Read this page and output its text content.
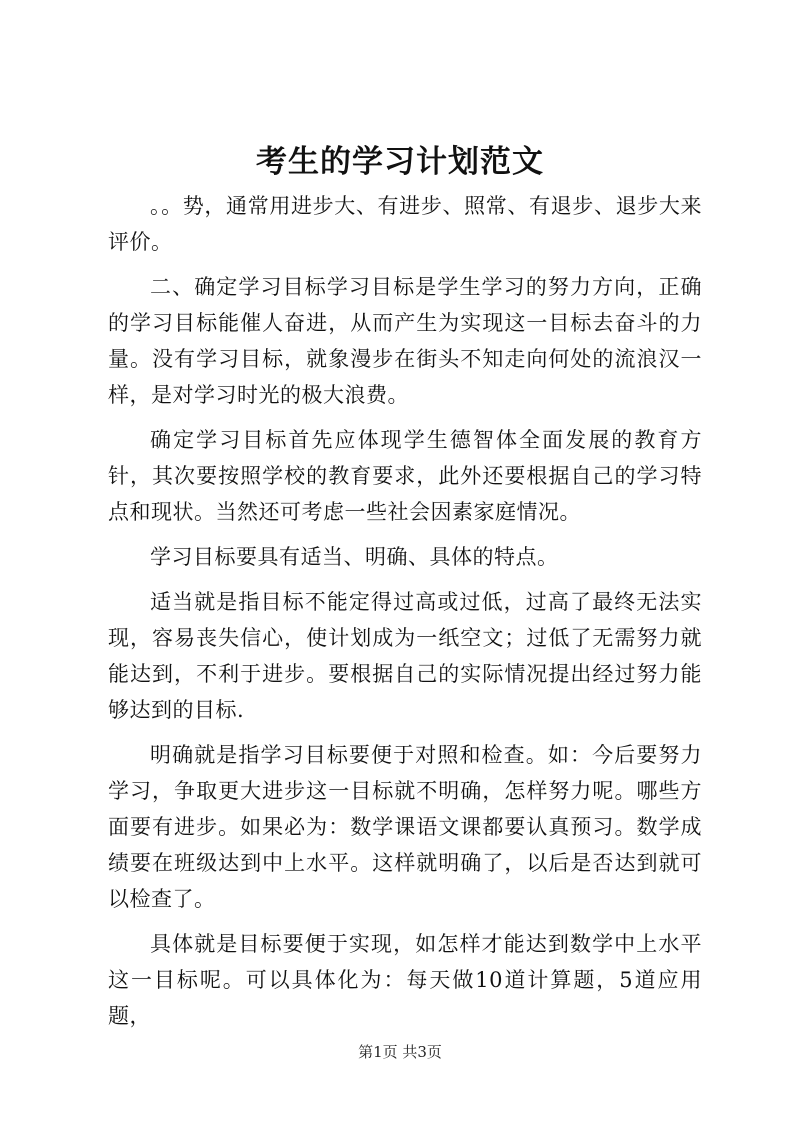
考生的学习计划范文

。。势，通常用进步大、有进步、照常、有退步、退步大来评价。

二、确定学习目标学习目标是学生学习的努力方向，正确的学习目标能催人奋进，从而产生为实现这一目标去奋斗的力量。没有学习目标，就象漫步在街头不知走向何处的流浪汉一样，是对学习时光的极大浪费。

确定学习目标首先应体现学生德智体全面发展的教育方针，其次要按照学校的教育要求，此外还要根据自己的学习特点和现状。当然还可考虑一些社会因素家庭情况。

学习目标要具有适当、明确、具体的特点。

适当就是指目标不能定得过高或过低，过高了最终无法实现，容易丧失信心，使计划成为一纸空文；过低了无需努力就能达到，不利于进步。要根据自己的实际情况提出经过努力能够达到的目标.

明确就是指学习目标要便于对照和检查。如：今后要努力学习，争取更大进步这一目标就不明确，怎样努力呢。哪些方面要有进步。如果必为：数学课语文课都要认真预习。数学成绩要在班级达到中上水平。这样就明确了，以后是否达到就可以检查了。

具体就是目标要便于实现，如怎样才能达到数学中上水平这一目标呢。可以具体化为：每天做10道计算题，5道应用题，

第1页 共3页
